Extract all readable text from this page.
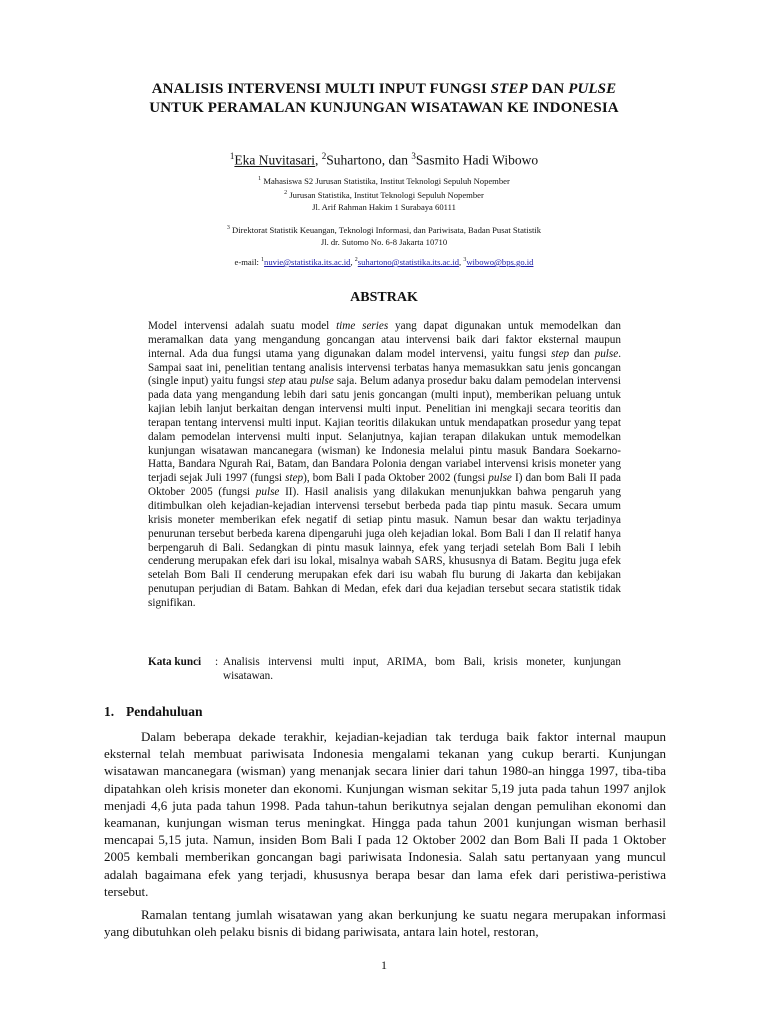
ANALISIS INTERVENSI MULTI INPUT FUNGSI STEP DAN PULSE
UNTUK PERAMALAN KUNJUNGAN WISATAWAN KE INDONESIA
$^1$Eka Nuvitasari, $^2$Suhartono, dan $^3$Sasmito Hadi Wibowo
$^1$ Mahasiswa S2 Jurusan Statistika, Institut Teknologi Sepuluh Nopember
$^2$ Jurusan Statistika, Institut Teknologi Sepuluh Nopember
Jl. Arif Rahman Hakim 1 Surabaya 60111
$^3$ Direktorat Statistik Keuangan, Teknologi Informasi, dan Pariwisata, Badan Pusat Statistik
Jl. dr. Sutomo No. 6-8 Jakarta 10710
e-mail: $^1$nuvie@statistika.its.ac.id, $^2$suhartono@statistika.its.ac.id, $^3$wibowo@bps.go.id
ABSTRAK
Model intervensi adalah suatu model time series yang dapat digunakan untuk memodelkan dan meramalkan data yang mengandung goncangan atau intervensi baik dari faktor eksternal maupun internal. Ada dua fungsi utama yang digunakan dalam model intervensi, yaitu fungsi step dan pulse. Sampai saat ini, penelitian tentang analisis intervensi terbatas hanya memasukkan satu jenis goncangan (single input) yaitu fungsi step atau pulse saja. Belum adanya prosedur baku dalam pemodelan intervensi pada data yang mengandung lebih dari satu jenis goncangan (multi input), memberikan peluang untuk kajian lebih lanjut berkaitan dengan intervensi multi input. Penelitian ini mengkaji secara teoritis dan terapan tentang intervensi multi input. Kajian teoritis dilakukan untuk mendapatkan prosedur yang tepat dalam pemodelan intervensi multi input. Selanjutnya, kajian terapan dilakukan untuk memodelkan kunjungan wisatawan mancanegara (wisman) ke Indonesia melalui pintu masuk Bandara Soekarno-Hatta, Bandara Ngurah Rai, Batam, dan Bandara Polonia dengan variabel intervensi krisis moneter yang terjadi sejak Juli 1997 (fungsi step), bom Bali I pada Oktober 2002 (fungsi pulse I) dan bom Bali II pada Oktober 2005 (fungsi pulse II). Hasil analisis yang dilakukan menunjukkan bahwa pengaruh yang ditimbulkan oleh kejadian-kejadian intervensi tersebut berbeda pada tiap pintu masuk. Secara umum krisis moneter memberikan efek negatif di setiap pintu masuk. Namun besar dan waktu terjadinya penurunan tersebut berbeda karena dipengaruhi juga oleh kejadian lokal. Bom Bali I dan II relatif hanya berpengaruh di Bali. Sedangkan di pintu masuk lainnya, efek yang terjadi setelah Bom Bali I lebih cenderung merupakan efek dari isu lokal, misalnya wabah SARS, khususnya di Batam. Begitu juga efek setelah Bom Bali II cenderung merupakan efek dari isu wabah flu burung di Jakarta dan kebijakan penutupan perjudian di Batam. Bahkan di Medan, efek dari dua kejadian tersebut secara statistik tidak signifikan.
Kata kunci : Analisis intervensi multi input, ARIMA, bom Bali, krisis moneter, kunjungan wisatawan.
1. Pendahuluan

Dalam beberapa dekade terakhir, kejadian-kejadian tak terduga baik faktor internal maupun eksternal telah membuat pariwisata Indonesia mengalami tekanan yang cukup berarti. Kunjungan wisatawan mancanegara (wisman) yang menanjak secara linier dari tahun 1980-an hingga 1997, tiba-tiba dipatahkan oleh krisis moneter dan ekonomi. Kunjungan wisman sekitar 5,19 juta pada tahun 1997 anjlok menjadi 4,6 juta pada tahun 1998. Pada tahun-tahun berikutnya sejalan dengan pemulihan ekonomi dan keamanan, kunjungan wisman terus meningkat. Hingga pada tahun 2001 kunjungan wisman berhasil mencapai 5,15 juta. Namun, insiden Bom Bali I pada 12 Oktober 2002 dan Bom Bali II pada 1 Oktober 2005 kembali memberikan goncangan bagi pariwisata Indonesia. Salah satu pertanyaan yang muncul adalah bagaimana efek yang terjadi, khususnya berapa besar dan lama efek dari peristiwa-peristiwa tersebut.

Ramalan tentang jumlah wisatawan yang akan berkunjung ke suatu negara merupakan informasi yang dibutuhkan oleh pelaku bisnis di bidang pariwisata, antara lain hotel, restoran,

1
